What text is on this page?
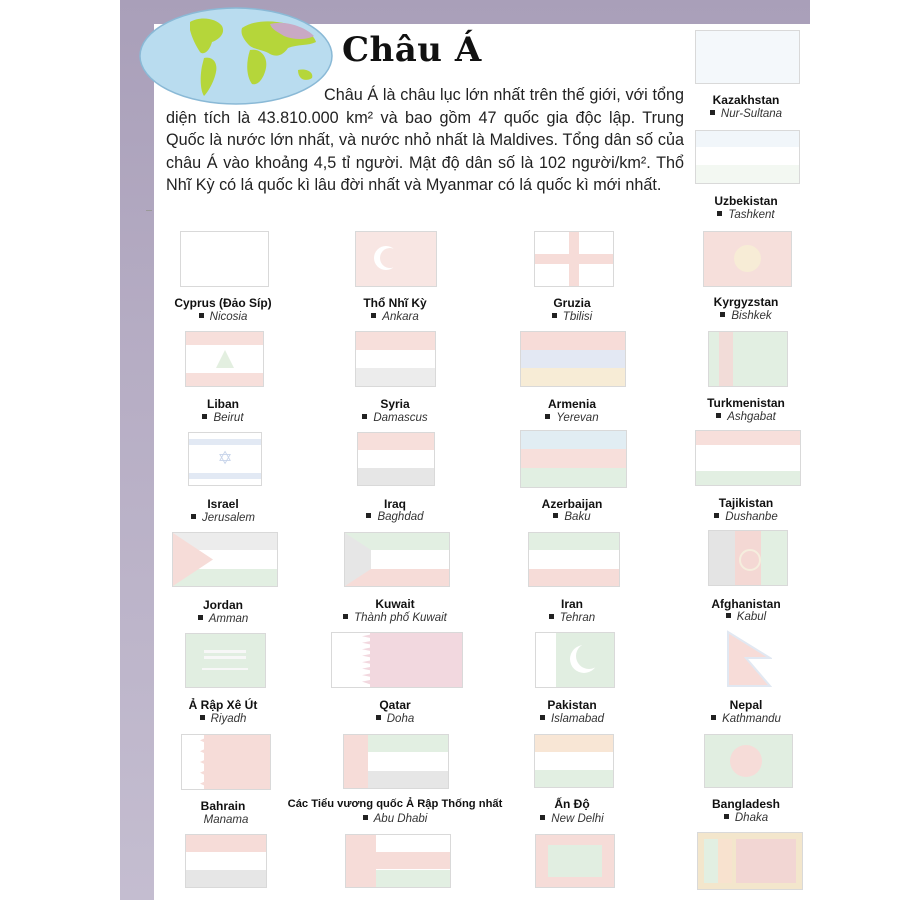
Châu Á

Châu Á là châu lục lớn nhất trên thế giới, với tổng diện tích là 43.810.000 km² và bao gồm 47 quốc gia độc lập. Trung Quốc là nước lớn nhất, và nước nhỏ nhất là Maldives. Tổng dân số của châu Á vào khoảng 4,5 tỉ người. Mật độ dân số là 102 người/km². Thổ Nhĩ Kỳ có lá quốc kì lâu đời nhất và Myanmar có lá quốc kì mới nhất.

Kazakhstan
Nur-Sultana
Uzbekistan
Tashkent
Cyprus (Đảo Síp)
Nicosia
Thổ Nhĩ Kỳ
Ankara
Gruzia
Tbilisi
Kyrgyzstan
Bishkek
Liban
Beirut
Syria
Damascus
Armenia
Yerevan
Turkmenistan
Ashgabat
✡
Israel
Jerusalem
Iraq
Baghdad
Azerbaijan
Baku
Tajikistan
Dushanbe
Jordan
Amman
Kuwait
Thành phố Kuwait
Iran
Tehran
Afghanistan
Kabul
Ả Rập Xê Út
Riyadh
Qatar
Doha
Pakistan
Islamabad
Nepal
Kathmandu
Bahrain
Manama
Các Tiểu vương quốc Ả Rập Thống nhất
Abu Dhabi
Ấn Độ
New Delhi
Bangladesh
Dhaka
